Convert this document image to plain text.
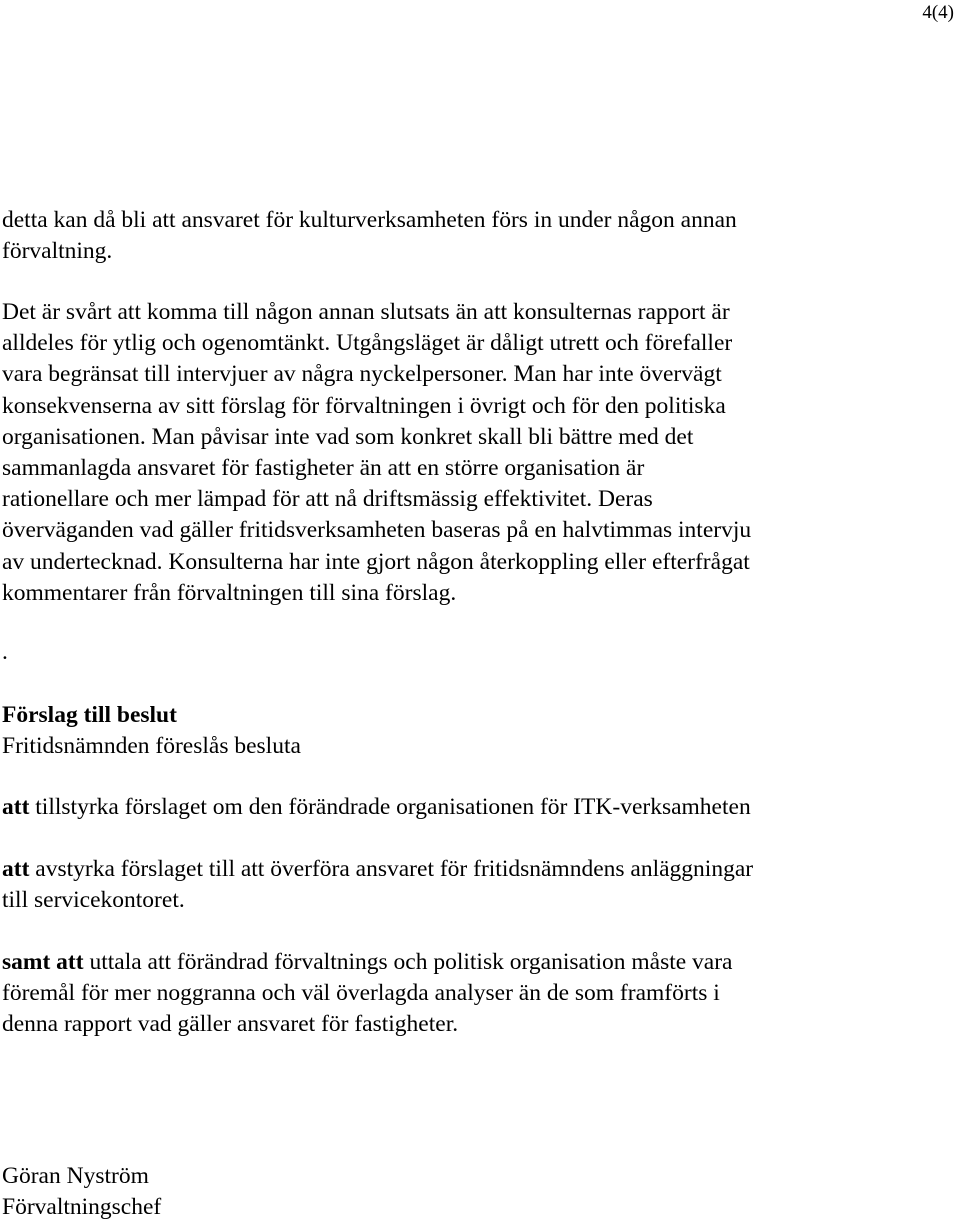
4(4)
detta kan då bli att ansvaret för kulturverksamheten förs in under någon annan
förvaltning.
Det är svårt att komma till någon annan slutsats än att konsulternas rapport är
alldeles för ytlig och ogenomtänkt. Utgångsläget är dåligt utrett och förefaller
vara begränsat till intervjuer av några nyckelpersoner. Man har inte övervägt
konsekvenserna av sitt förslag för förvaltningen i övrigt och för den politiska
organisationen. Man påvisar inte vad som konkret skall bli bättre med det
sammanlagda ansvaret för fastigheter än att en större organisation är
rationellare och mer lämpad för att nå driftsmässig effektivitet. Deras
överväganden vad gäller fritidsverksamheten baseras på en halvtimmas intervju
av undertecknad. Konsulterna har inte gjort någon återkoppling eller efterfrågat
kommentarer från förvaltningen till sina förslag.
.
Förslag till beslut
Fritidsnämnden föreslås besluta
att tillstyrka förslaget om den förändrade organisationen för ITK-verksamheten
att avstyrka förslaget till att överföra ansvaret för fritidsnämndens anläggningar
till servicekontoret.
samt att uttala att förändrad förvaltnings och politisk organisation måste vara
föremål för mer noggranna och väl överlagda analyser än de som framförts i
denna rapport vad gäller ansvaret för fastigheter.
Göran Nyström
Förvaltningschef
